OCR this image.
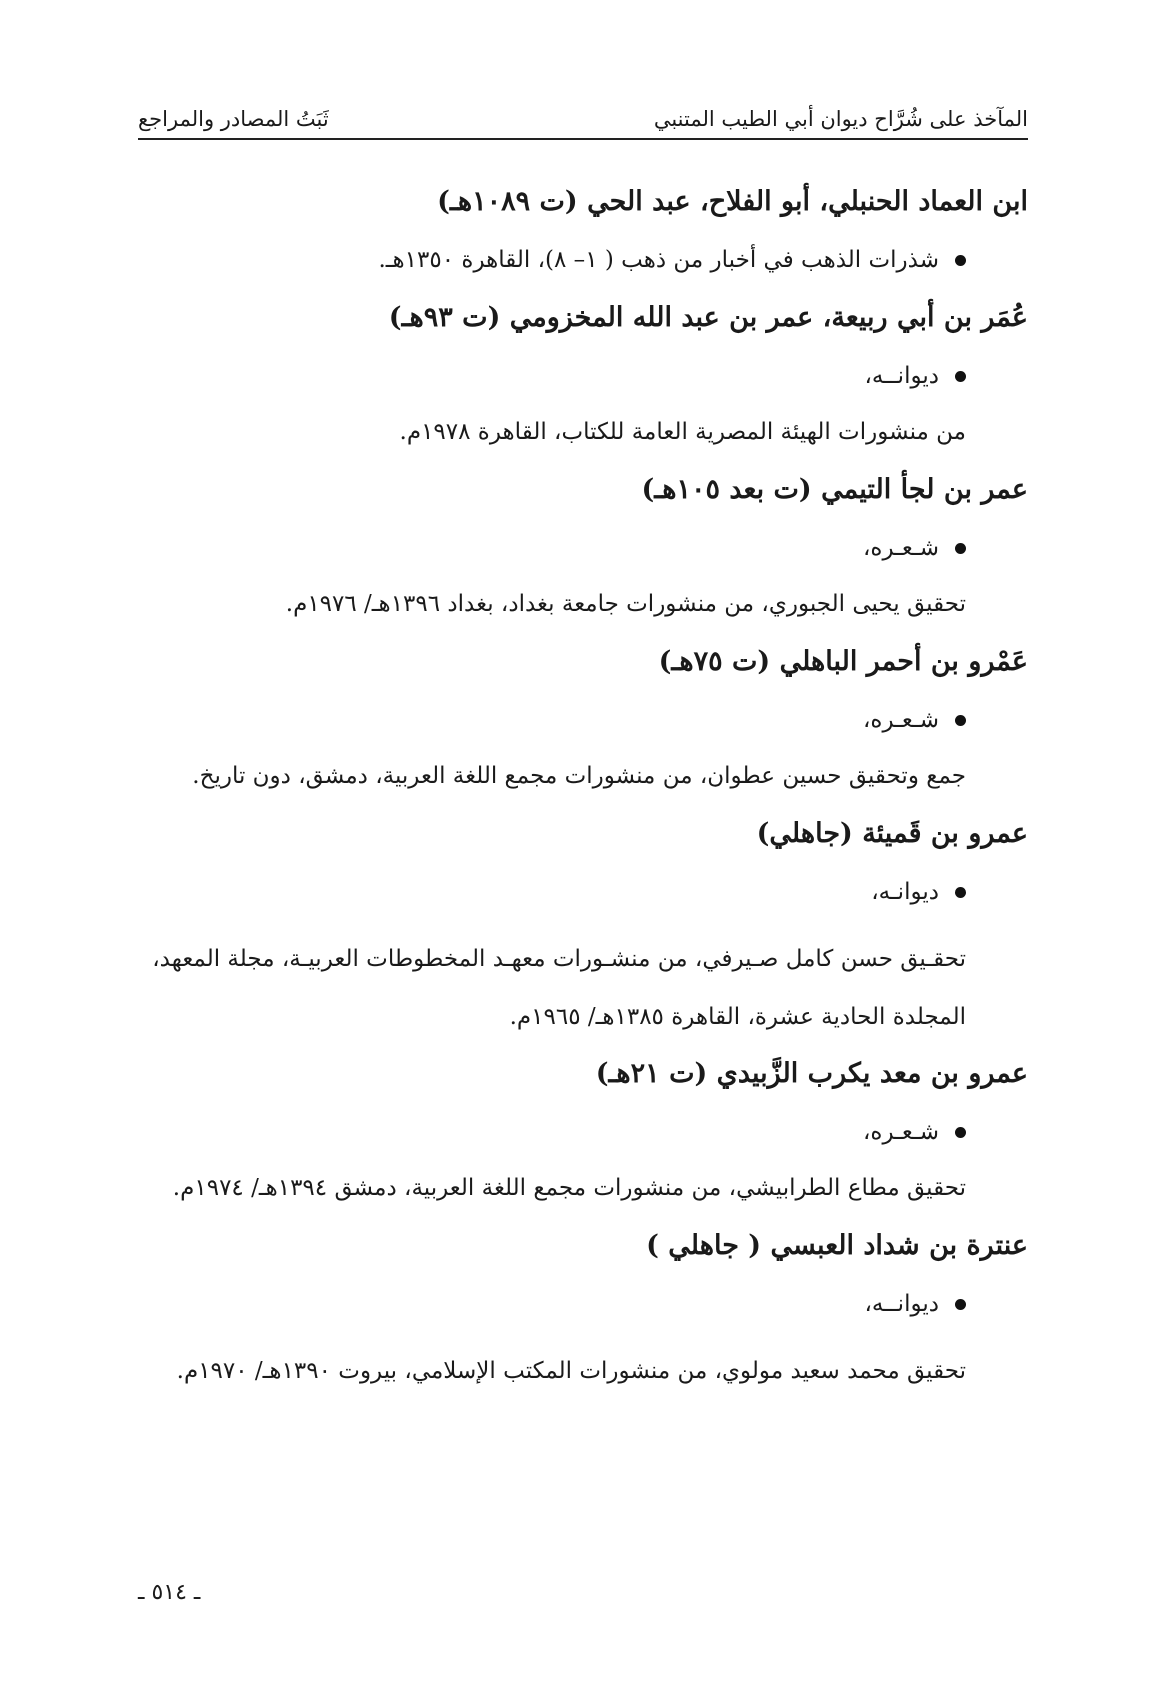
المآخذ على شُرَّاح ديوان أبي الطيب المتنبي
ثَبَتُ المصادر والمراجع
ابن العماد الحنبلي، أبو الفلاح، عبد الحي (ت ١٠٨٩هـ)
شذرات الذهب في أخبار من ذهب ( ١– ٨)، القاهرة ١٣٥٠هـ.
عُمَر بن أبي ربيعة، عمر بن عبد الله المخزومي (ت ٩٣هـ)
ديوانــه،
من منشورات الهيئة المصرية العامة للكتاب، القاهرة ١٩٧٨م.
عمر بن لجأ التيمي (ت بعد ١٠٥هـ)
شـعـره،
تحقيق يحيى الجبوري، من منشورات جامعة بغداد، بغداد ١٣٩٦هـ/ ١٩٧٦م.
عَمْرو بن أحمر الباهلي (ت ٧٥هـ)
شـعـره،
جمع وتحقيق حسين عطوان، من منشورات مجمع اللغة العربية، دمشق، دون تاريخ.
عمرو بن قَميئة (جاهلي)
ديوانـه،
تحقـيق حسن كامل صـيرفي، من منشـورات معهـد المخطوطات العربيـة، مجلة المعهد، المجلدة الحادية عشرة، القاهرة ١٣٨٥هـ/ ١٩٦٥م.
عمرو بن معد يكرب الزَّبيدي (ت ٢١هـ)
شـعـره،
تحقيق مطاع الطرابيشي، من منشورات مجمع اللغة العربية، دمشق ١٣٩٤هـ/ ١٩٧٤م.
عنترة بن شداد العبسي ( جاهلي )
ديوانــه،
تحقيق محمد سعيد مولوي، من منشورات المكتب الإسلامي، بيروت ١٣٩٠هـ/ ١٩٧٠م.
ـ ٥١٤ ـ
